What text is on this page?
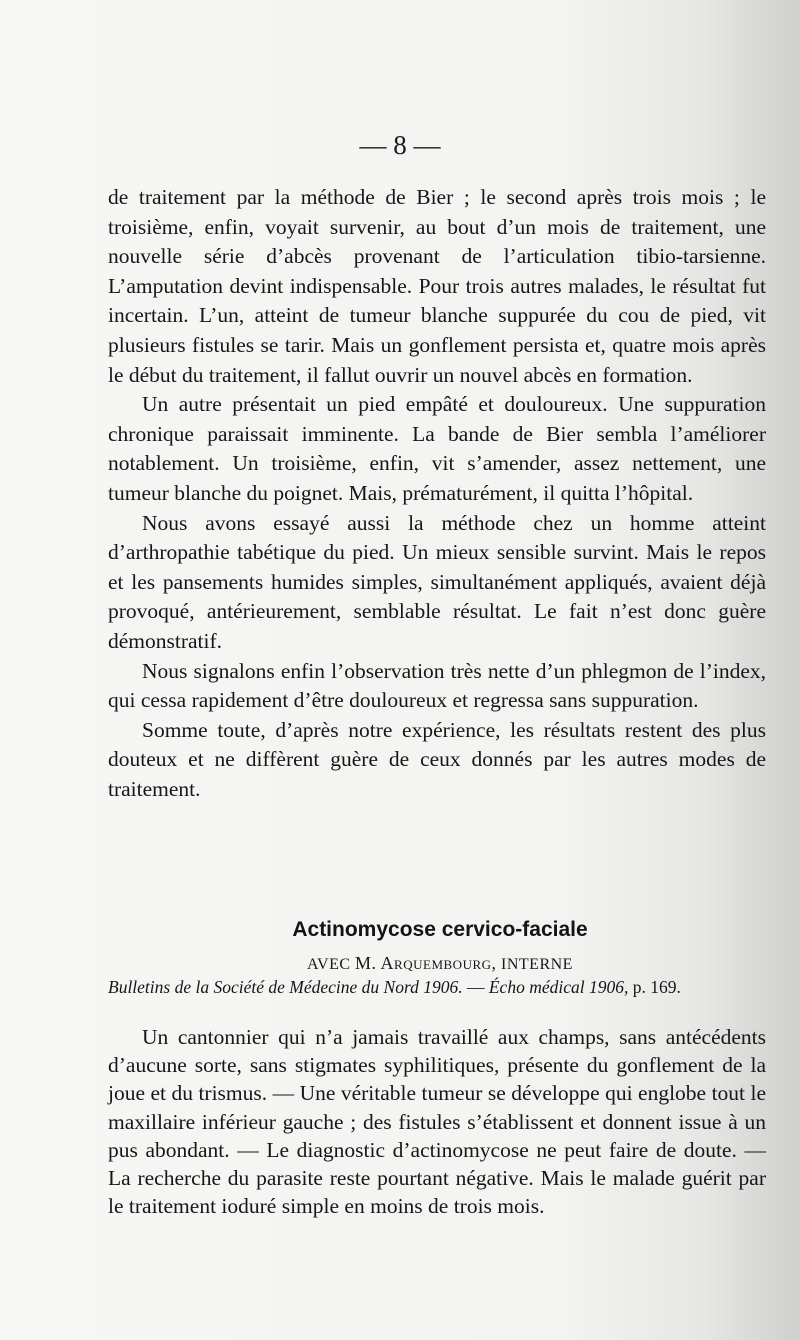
— 8 —

de traitement par la méthode de Bier ; le second après trois mois ; le troisième, enfin, voyait survenir, au bout d’un mois de traitement, une nouvelle série d’abcès provenant de l’articulation tibio-tarsienne. L’amputation devint indispensable. Pour trois autres malades, le résultat fut incertain. L’un, atteint de tumeur blanche suppurée du cou de pied, vit plusieurs fistules se tarir. Mais un gonflement persista et, quatre mois après le début du traitement, il fallut ouvrir un nouvel abcès en formation.

Un autre présentait un pied empâté et douloureux. Une suppuration chronique paraissait imminente. La bande de Bier sembla l’améliorer notablement. Un troisième, enfin, vit s’amender, assez nettement, une tumeur blanche du poignet. Mais, prématurément, il quitta l’hôpital.

Nous avons essayé aussi la méthode chez un homme atteint d’arthropathie tabétique du pied. Un mieux sensible survint. Mais le repos et les pansements humides simples, simultanément appliqués, avaient déjà provoqué, antérieurement, semblable résultat. Le fait n’est donc guère démonstratif.

Nous signalons enfin l’observation très nette d’un phlegmon de l’index, qui cessa rapidement d’être douloureux et regressa sans suppuration.

Somme toute, d’après notre expérience, les résultats restent des plus douteux et ne diffèrent guère de ceux donnés par les autres modes de traitement.

Actinomycose cervico-faciale
AVEC M. Arquembourg, INTERNE
Bulletins de la Société de Médecine du Nord 1906. — Écho médical 1906, p. 169.

Un cantonnier qui n’a jamais travaillé aux champs, sans antécédents d’aucune sorte, sans stigmates syphilitiques, présente du gonflement de la joue et du trismus. — Une véritable tumeur se développe qui englobe tout le maxillaire inférieur gauche ; des fistules s’établissent et donnent issue à un pus abondant. — Le diagnostic d’actinomycose ne peut faire de doute. — La recherche du parasite reste pourtant négative. Mais le malade guérit par le traitement ioduré simple en moins de trois mois.
